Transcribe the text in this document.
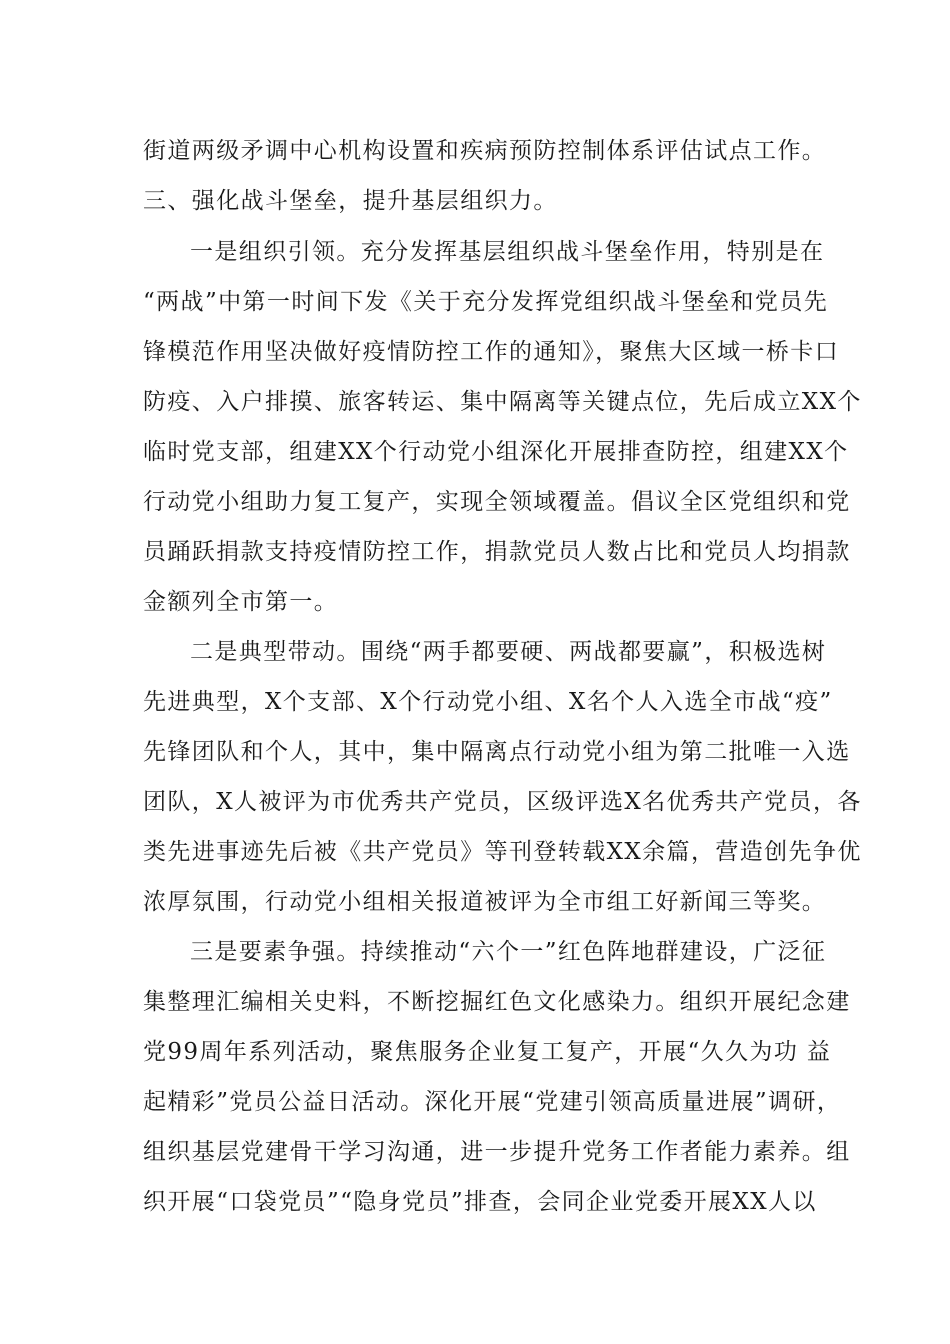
街道两级矛调中心机构设置和疾病预防控制体系评估试点工作。
三、强化战斗堡垒，提升基层组织力。
一是组织引领。充分发挥基层组织战斗堡垒作用，特别是在
“两战”中第一时间下发《关于充分发挥党组织战斗堡垒和党员先
锋模范作用坚决做好疫情防控工作的通知》，聚焦大区域一桥卡口
防疫、入户排摸、旅客转运、集中隔离等关键点位，先后成立XX个
临时党支部，组建XX个行动党小组深化开展排查防控，组建XX个
行动党小组助力复工复产，实现全领域覆盖。倡议全区党组织和党
员踊跃捐款支持疫情防控工作，捐款党员人数占比和党员人均捐款
金额列全市第一。
二是典型带动。围绕“两手都要硬、两战都要赢”，积极选树
先进典型，X个支部、X个行动党小组、X名个人入选全市战“疫”
先锋团队和个人，其中，集中隔离点行动党小组为第二批唯一入选
团队，X人被评为市优秀共产党员，区级评选X名优秀共产党员，各
类先进事迹先后被《共产党员》等刊登转载XX余篇，营造创先争优
浓厚氛围，行动党小组相关报道被评为全市组工好新闻三等奖。
三是要素争强。持续推动“六个一”红色阵地群建设，广泛征
集整理汇编相关史料，不断挖掘红色文化感染力。组织开展纪念建
党99周年系列活动，聚焦服务企业复工复产，开展“久久为功 益
起精彩”党员公益日活动。深化开展“党建引领高质量进展”调研，
组织基层党建骨干学习沟通，进一步提升党务工作者能力素养。组
织开展“口袋党员”“隐身党员”排查，会同企业党委开展XX人以
